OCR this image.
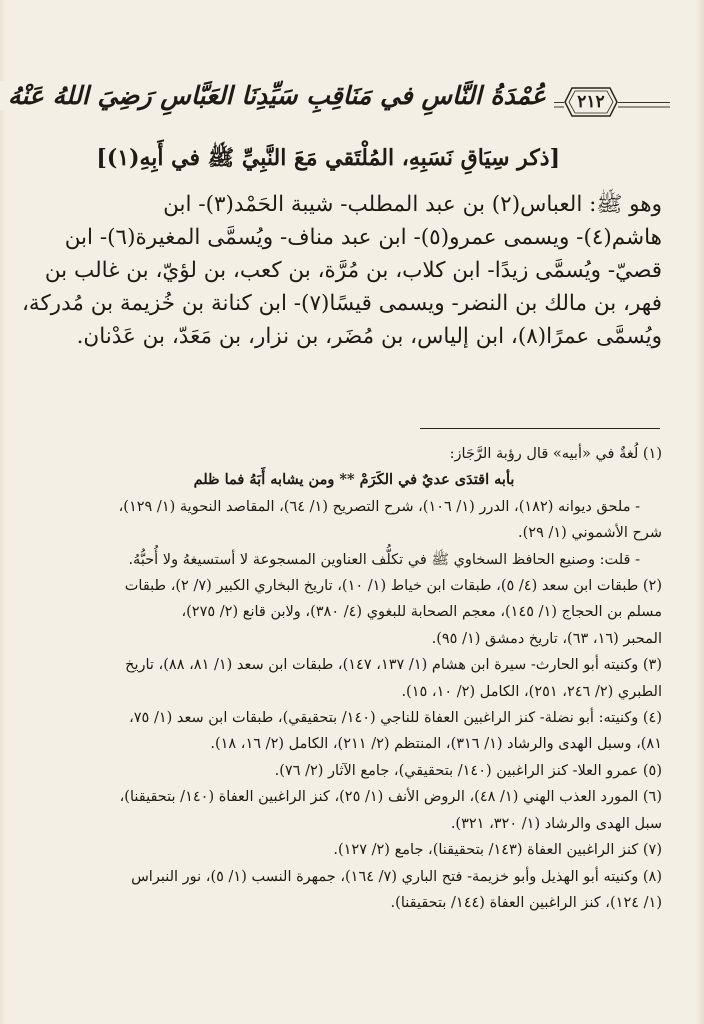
٢١٢
عُمْدَةُ النَّاسِ في مَنَاقِبِ سَيِّدِنَا العَبَّاسِ رَضِيَ اللهُ عَنْهُ
[ذكر سِيَاقِ نَسَبِهِ، المُلْتَقي مَعَ النَّبِيِّ ﷺ في أَبِهِ(١)]
وهو ﷺ: العباس(٢) بن عبد المطلب- شيبة الحَمْد(٣)- ابن
هاشم(٤)- ويسمى عمرو(٥)- ابن عبد مناف- ويُسمَّى المغيرة(٦)- ابن
قصيّ- ويُسمَّى زيدًا- ابن كلاب، بن مُرَّة، بن كعب، بن لؤيّ، بن غالب بن
فهر، بن مالك بن النضر- ويسمى قيسًا(٧)- ابن كنانة بن خُزيمة بن مُدركة،
ويُسمَّى عمرًا(٨)، ابن إلياس، بن مُضَر، بن نزار، بن مَعَدّ، بن عَدْنان.
(١) لُغةٌ في «أبيه» قال رؤبة الرَّجَاز:
بأبه اقتدَى عديٌ في الكَرَمْ ** ومن يشابه أَبَهُ فما ظلم
- ملحق ديوانه (١٨٢)، الدرر (١/ ١٠٦)، شرح التصريح (١/ ٦٤)، المقاصد النحوية (١/ ١٢٩)،
شرح الأشموني (١/ ٢٩).
- قلت: وصنيع الحافظ السخاوي ﷺ في تكلُّف العناوين المسجوعة لا أستسيغهُ ولا أُحبُّهُ.
(٢) طبقات ابن سعد (٤/ ٥)، طبقات ابن خياط (١/ ١٠)، تاريخ البخاري الكبير (٧/ ٢)، طبقات
مسلم بن الحجاج (١/ ١٤٥)، معجم الصحابة للبغوي (٤/ ٣٨٠)، ولابن قانع (٢/ ٢٧٥)،
المحبر (١٦، ٦٣)، تاريخ دمشق (١/ ٩٥).
(٣) وكنيته أبو الحارث- سيرة ابن هشام (١/ ١٣٧، ١٤٧)، طبقات ابن سعد (١/ ٨١، ٨٨)، تاريخ
الطبري (٢/ ٢٤٦، ٢٥١)، الكامل (٢/ ١٠، ١٥).
(٤) وكنيته: أبو نضلة- كنز الراغبين العفاة للناجي (١٤٠/ بتحقيقي)، طبقات ابن سعد (١/ ٧٥،
٨١)، وسبل الهدى والرشاد (١/ ٣١٦)، المنتظم (٢/ ٢١١)، الكامل (٢/ ١٦، ١٨).
(٥) عمرو العلا- كنز الراغبين (١٤٠/ بتحقيقي)، جامع الآثار (٢/ ٧٦).
(٦) المورد العذب الهني (١/ ٤٨)، الروض الأنف (١/ ٢٥)، كنز الراغبين العفاة (١٤٠/ بتحقيقنا)،
سبل الهدى والرشاد (١/ ٣٢٠، ٣٢١).
(٧) كنز الراغبين العفاة (١٤٣/ بتحقيقنا)، جامع (٢/ ١٢٧).
(٨) وكنيته أبو الهذيل وأبو خزيمة- فتح الباري (٧/ ١٦٤)، جمهرة النسب (١/ ٥)، نور النبراس
(١/ ١٢٤)، كنز الراغبين العفاة (١٤٤/ بتحقيقنا).
